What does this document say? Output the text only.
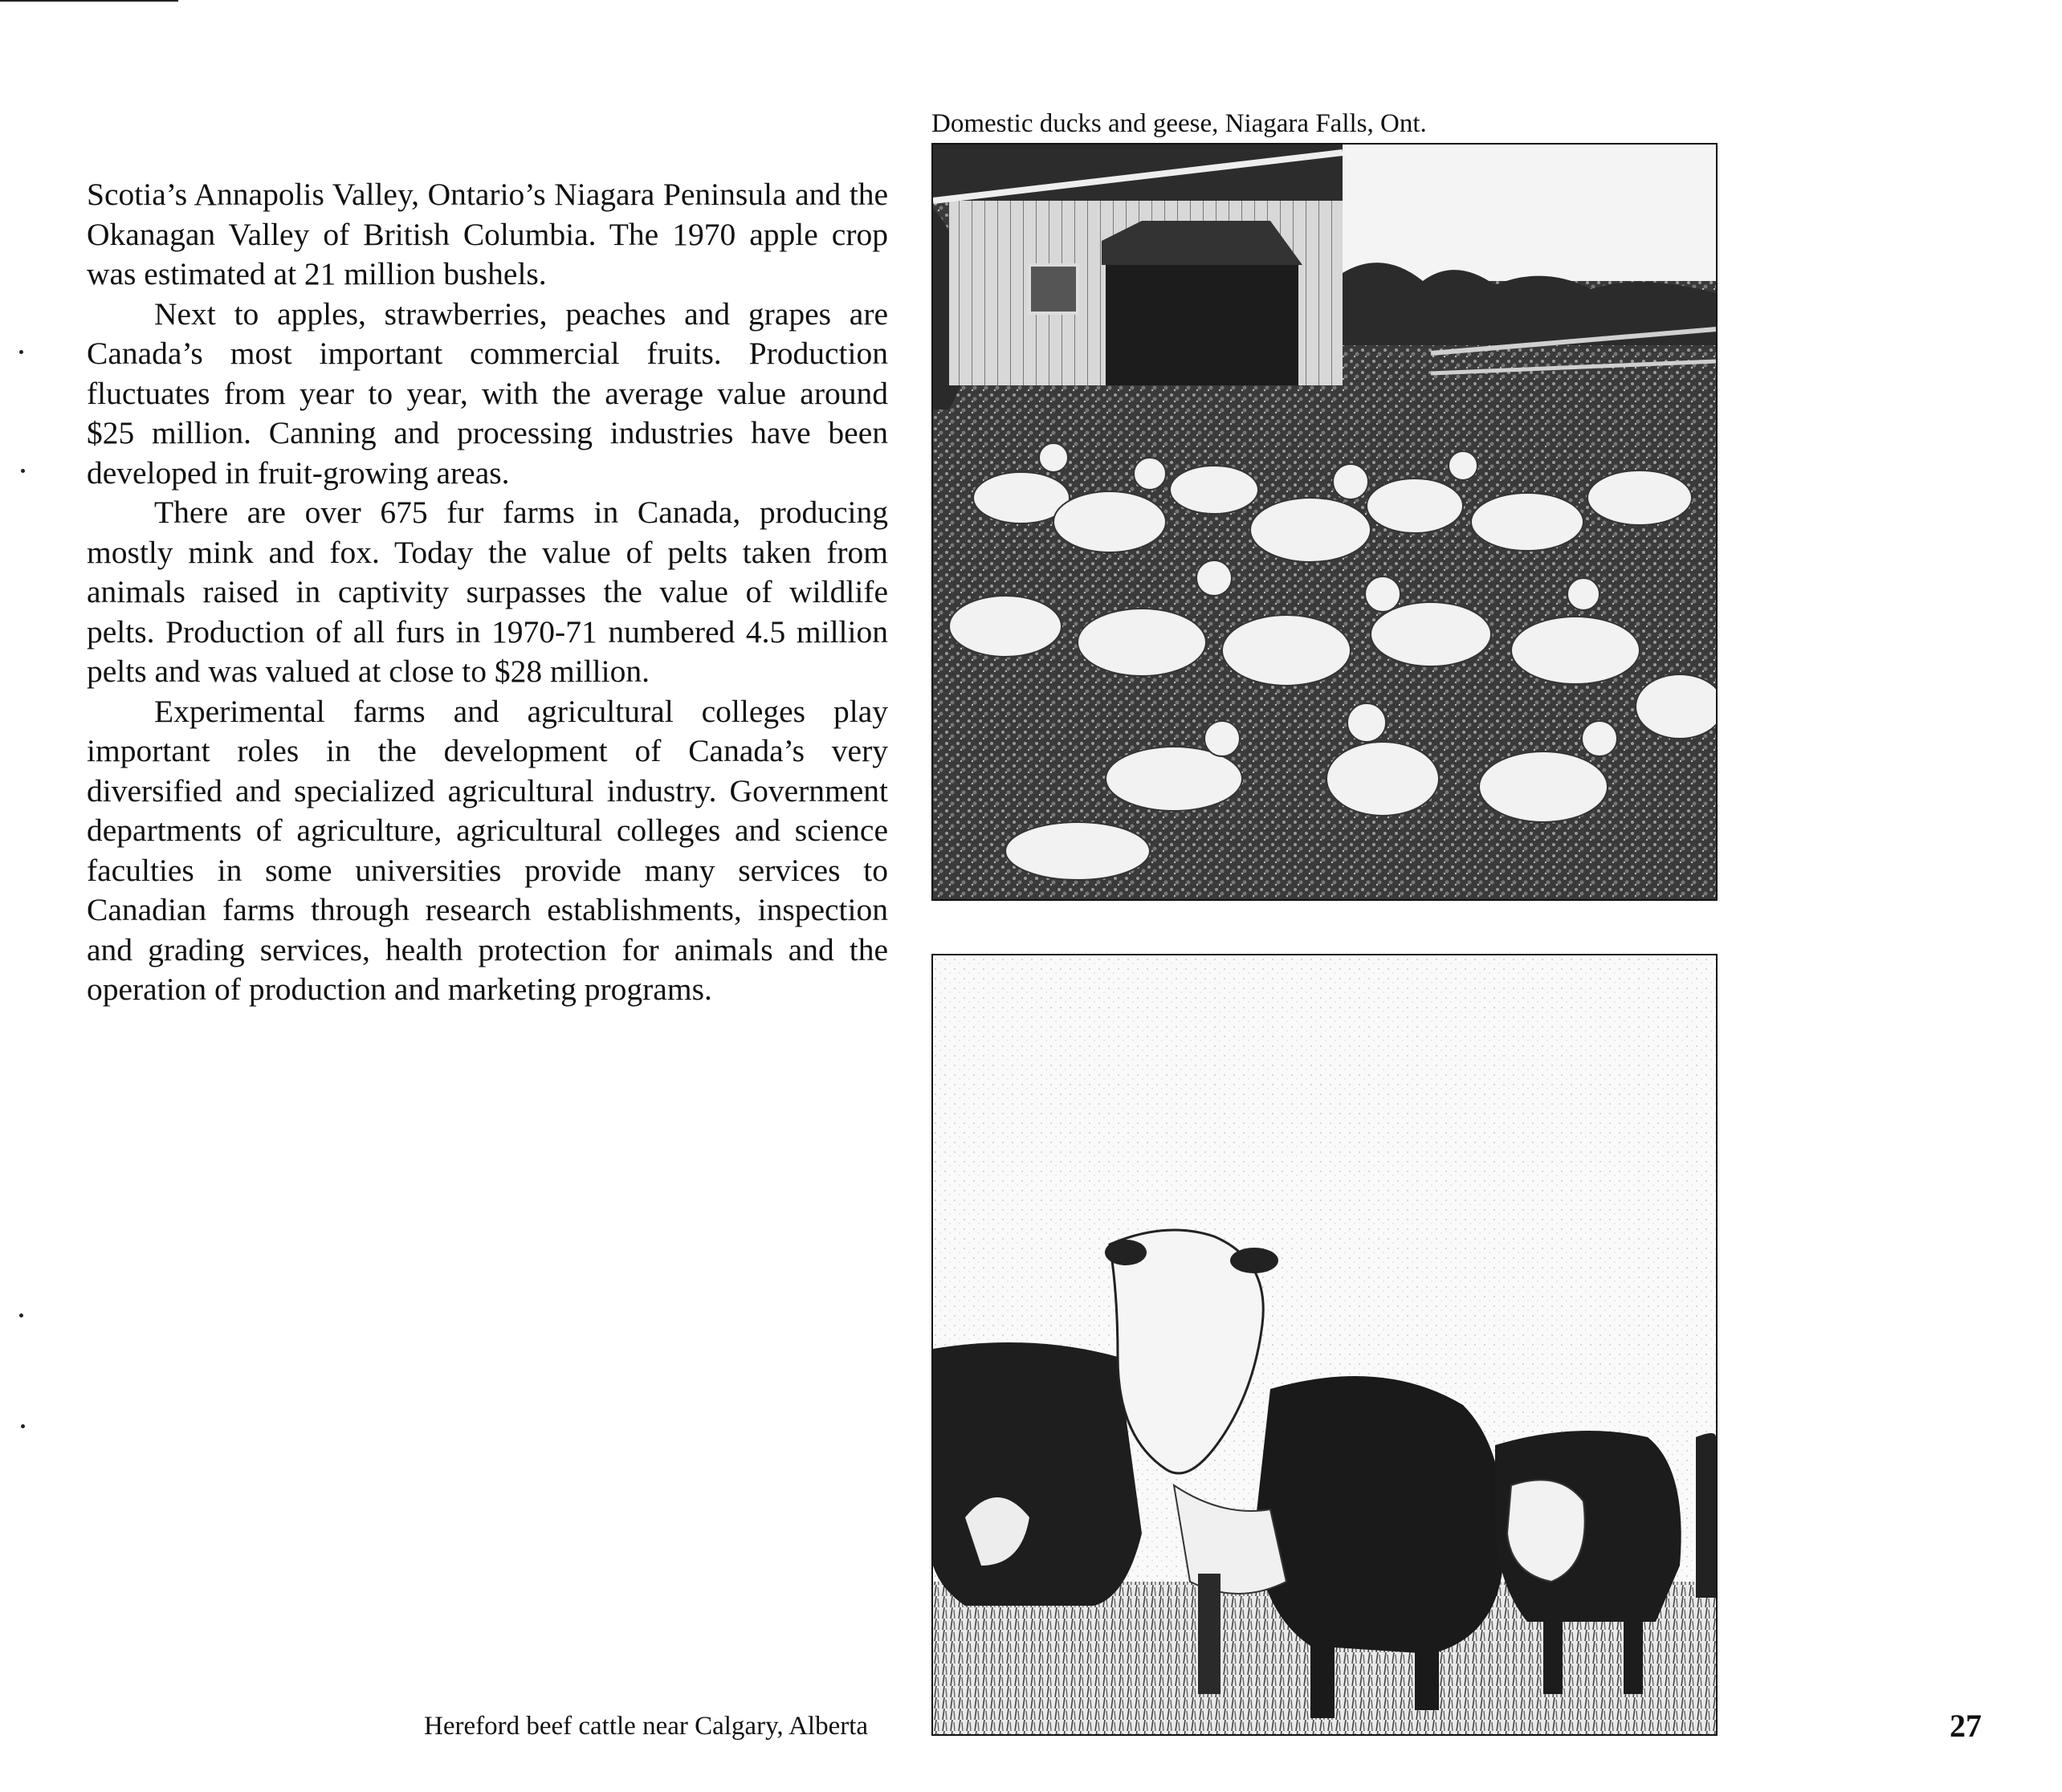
Scotia’s Annapolis Valley, Ontario’s Niagara Peninsula and the Okanagan Valley of British Columbia. The 1970 apple crop was estimated at 21 million bushels.

Next to apples, strawberries, peaches and grapes are Canada’s most important commercial fruits. Production fluctuates from year to year, with the average value around $25 million. Canning and processing industries have been developed in fruit-growing areas.

There are over 675 fur farms in Canada, producing mostly mink and fox. Today the value of pelts taken from animals raised in captivity surpasses the value of wildlife pelts. Production of all furs in 1970-71 numbered 4.5 million pelts and was valued at close to $28 million.

Experimental farms and agricultural colleges play important roles in the development of Canada’s very diversified and specialized agricultural industry. Government departments of agriculture, agricultural colleges and science faculties in some universities provide many services to Canadian farms through research establishments, inspection and grading services, health protection for animals and the operation of production and marketing programs.

Domestic ducks and geese, Niagara Falls, Ont.
Hereford beef cattle near Calgary, Alberta	27
